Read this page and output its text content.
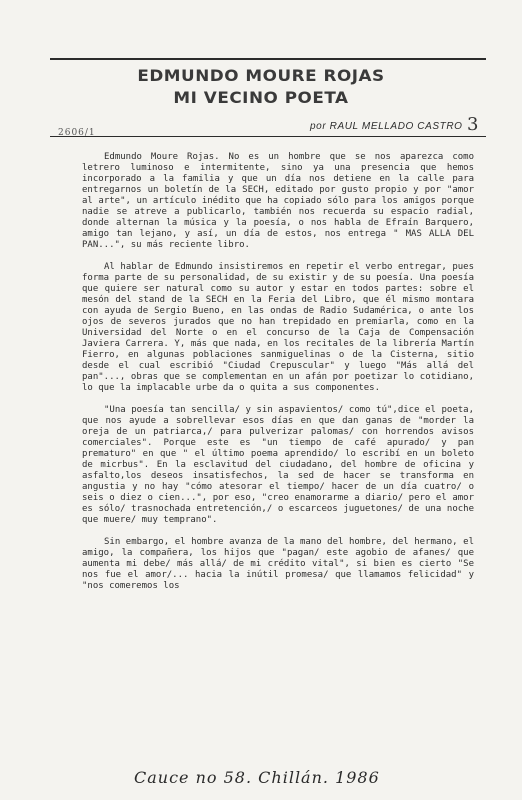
EDMUNDO MOURE ROJAS
MI VECINO POETA
2606/1
por RAUL MELLADO CASTRO 3

Edmundo Moure Rojas. No es un hombre que se nos aparezca como letrero luminoso e intermitente, sino ya una presencia que hemos incorporado a la familia y que un día nos detiene en la calle para entregarnos un boletín de la SECH, editado por gusto propio y por "amor al arte", un artículo inédito que ha copiado sólo para los amigos porque nadie se atreve a publicarlo, también nos recuerda su espacio radial, donde alternan la música y la poesía, o nos habla de Efraín Barquero, amigo tan lejano, y así, un día de estos, nos entrega " MAS ALLA DEL PAN...", su más reciente libro.

Al hablar de Edmundo insistiremos en repetir el verbo entregar, pues forma parte de su personalidad, de su existir y de su poesía. Una poesía que quiere ser natural como su autor y estar en todos partes: sobre el mesón del stand de la SECH en la Feria del Libro, que él mismo montara con ayuda de Sergio Bueno, en las ondas de Radio Sudamérica, o ante los ojos de severos jurados que no han trepidado en premiarla, como en la Universidad del Norte o en el concurso de la Caja de Compensación Javiera Carrera. Y, más que nada, en los recitales de la librería Martín Fierro, en algunas poblaciones sanmiguelinas o de la Cisterna, sitio desde el cual escribió "Ciudad Crepuscular" y luego "Más allá del pan"..., obras que se complementan en un afán por poetizar lo cotidiano, lo que la implacable urbe da o quita a sus componentes.

"Una poesía tan sencilla/ y sin aspavientos/ como tú",dice el poeta, que nos ayude a sobrellevar esos días en que dan ganas de "morder la oreja de un patriarca,/ para pulverizar palomas/ con horrendos avisos comerciales". Porque este es "un tiempo de café apurado/ y pan prematuro" en que " el último poema aprendido/ lo escribí en un boleto de micrbus". En la esclavitud del ciudadano, del hombre de oficina y asfalto,los deseos insatisfechos, la sed de hacer se transforma en angustia y no hay "cómo atesorar el tiempo/ hacer de un día cuatro/ o seis o diez o cien...", por eso, "creo enamorarme a diario/ pero el amor es sólo/ trasnochada entretención,/ o escarceos juguetones/ de una noche que muere/ muy temprano".

Sin embargo, el hombre avanza de la mano del hombre, del hermano, el amigo, la compañera, los hijos que "pagan/ este agobio de afanes/ que aumenta mi debe/ más allá/ de mi crédito vital", si bien es cierto "Se nos fue el amor/... hacia la inútil promesa/ que llamamos felicidad" y "nos comeremos los

Cauce no 58. Chillán. 1986
